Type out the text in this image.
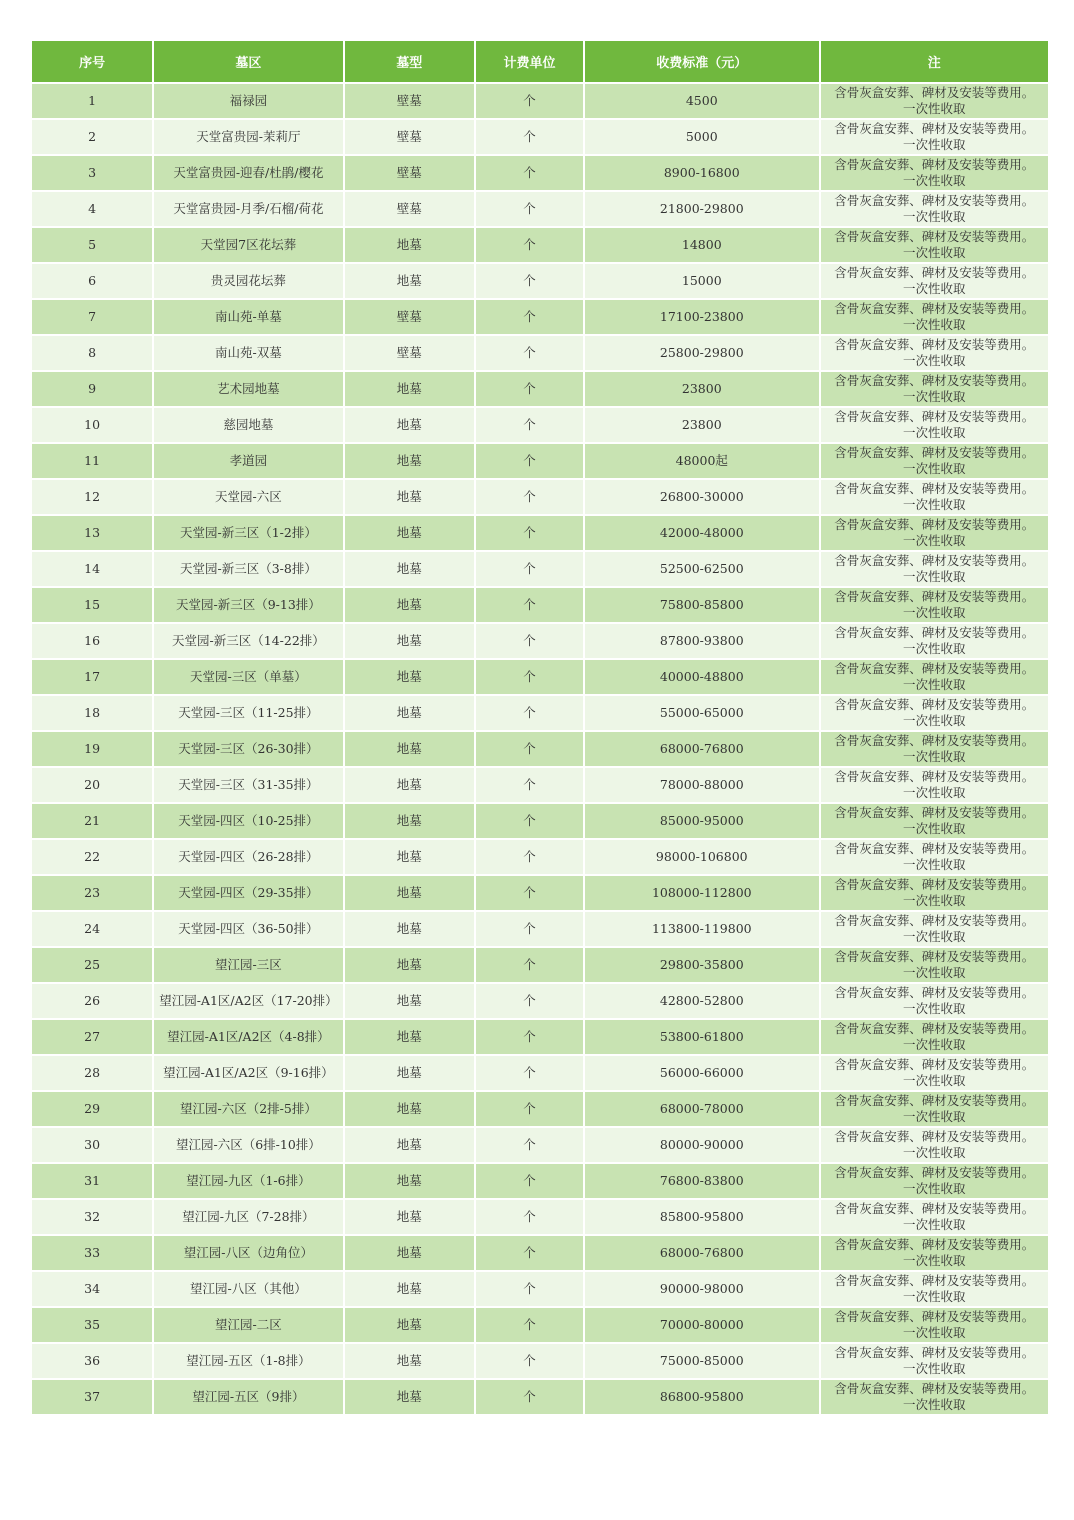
序号	墓区	墓型	计费单位	收费标准（元）	注
1	福禄园	壁墓	个	4500	含骨灰盒安葬、碑材及安装等费用。
一次性收取

2	天堂富贵园-茉莉厅	壁墓	个	5000	含骨灰盒安葬、碑材及安装等费用。
一次性收取

3	天堂富贵园-迎春/杜鹃/樱花	壁墓	个	8900-16800	含骨灰盒安葬、碑材及安装等费用。
一次性收取

4	天堂富贵园-月季/石榴/荷花	壁墓	个	21800-29800	含骨灰盒安葬、碑材及安装等费用。
一次性收取

5	天堂园7区花坛葬	地墓	个	14800	含骨灰盒安葬、碑材及安装等费用。
一次性收取

6	贵灵园花坛葬	地墓	个	15000	含骨灰盒安葬、碑材及安装等费用。
一次性收取

7	南山苑-单墓	壁墓	个	17100-23800	含骨灰盒安葬、碑材及安装等费用。
一次性收取

8	南山苑-双墓	壁墓	个	25800-29800	含骨灰盒安葬、碑材及安装等费用。
一次性收取

9	艺术园地墓	地墓	个	23800	含骨灰盒安葬、碑材及安装等费用。
一次性收取

10	慈园地墓	地墓	个	23800	含骨灰盒安葬、碑材及安装等费用。
一次性收取

11	孝道园	地墓	个	48000起	含骨灰盒安葬、碑材及安装等费用。
一次性收取

12	天堂园-六区	地墓	个	26800-30000	含骨灰盒安葬、碑材及安装等费用。
一次性收取

13	天堂园-新三区（1-2排）	地墓	个	42000-48000	含骨灰盒安葬、碑材及安装等费用。
一次性收取

14	天堂园-新三区（3-8排）	地墓	个	52500-62500	含骨灰盒安葬、碑材及安装等费用。
一次性收取

15	天堂园-新三区（9-13排）	地墓	个	75800-85800	含骨灰盒安葬、碑材及安装等费用。
一次性收取

16	天堂园-新三区（14-22排）	地墓	个	87800-93800	含骨灰盒安葬、碑材及安装等费用。
一次性收取

17	天堂园-三区（单墓）	地墓	个	40000-48800	含骨灰盒安葬、碑材及安装等费用。
一次性收取

18	天堂园-三区（11-25排）	地墓	个	55000-65000	含骨灰盒安葬、碑材及安装等费用。
一次性收取

19	天堂园-三区（26-30排）	地墓	个	68000-76800	含骨灰盒安葬、碑材及安装等费用。
一次性收取

20	天堂园-三区（31-35排）	地墓	个	78000-88000	含骨灰盒安葬、碑材及安装等费用。
一次性收取

21	天堂园-四区（10-25排）	地墓	个	85000-95000	含骨灰盒安葬、碑材及安装等费用。
一次性收取

22	天堂园-四区（26-28排）	地墓	个	98000-106800	含骨灰盒安葬、碑材及安装等费用。
一次性收取

23	天堂园-四区（29-35排）	地墓	个	108000-112800	含骨灰盒安葬、碑材及安装等费用。
一次性收取

24	天堂园-四区（36-50排）	地墓	个	113800-119800	含骨灰盒安葬、碑材及安装等费用。
一次性收取

25	望江园-三区	地墓	个	29800-35800	含骨灰盒安葬、碑材及安装等费用。
一次性收取

26	望江园-A1区/A2区（17-20排）	地墓	个	42800-52800	含骨灰盒安葬、碑材及安装等费用。
一次性收取

27	望江园-A1区/A2区（4-8排）	地墓	个	53800-61800	含骨灰盒安葬、碑材及安装等费用。
一次性收取

28	望江园-A1区/A2区（9-16排）	地墓	个	56000-66000	含骨灰盒安葬、碑材及安装等费用。
一次性收取

29	望江园-六区（2排-5排）	地墓	个	68000-78000	含骨灰盒安葬、碑材及安装等费用。
一次性收取

30	望江园-六区（6排-10排）	地墓	个	80000-90000	含骨灰盒安葬、碑材及安装等费用。
一次性收取

31	望江园-九区（1-6排）	地墓	个	76800-83800	含骨灰盒安葬、碑材及安装等费用。
一次性收取

32	望江园-九区（7-28排）	地墓	个	85800-95800	含骨灰盒安葬、碑材及安装等费用。
一次性收取

33	望江园-八区（边角位）	地墓	个	68000-76800	含骨灰盒安葬、碑材及安装等费用。
一次性收取

34	望江园-八区（其他）	地墓	个	90000-98000	含骨灰盒安葬、碑材及安装等费用。
一次性收取

35	望江园-二区	地墓	个	70000-80000	含骨灰盒安葬、碑材及安装等费用。
一次性收取

36	望江园-五区（1-8排）	地墓	个	75000-85000	含骨灰盒安葬、碑材及安装等费用。
一次性收取

37	望江园-五区（9排）	地墓	个	86800-95800	含骨灰盒安葬、碑材及安装等费用。
一次性收取
